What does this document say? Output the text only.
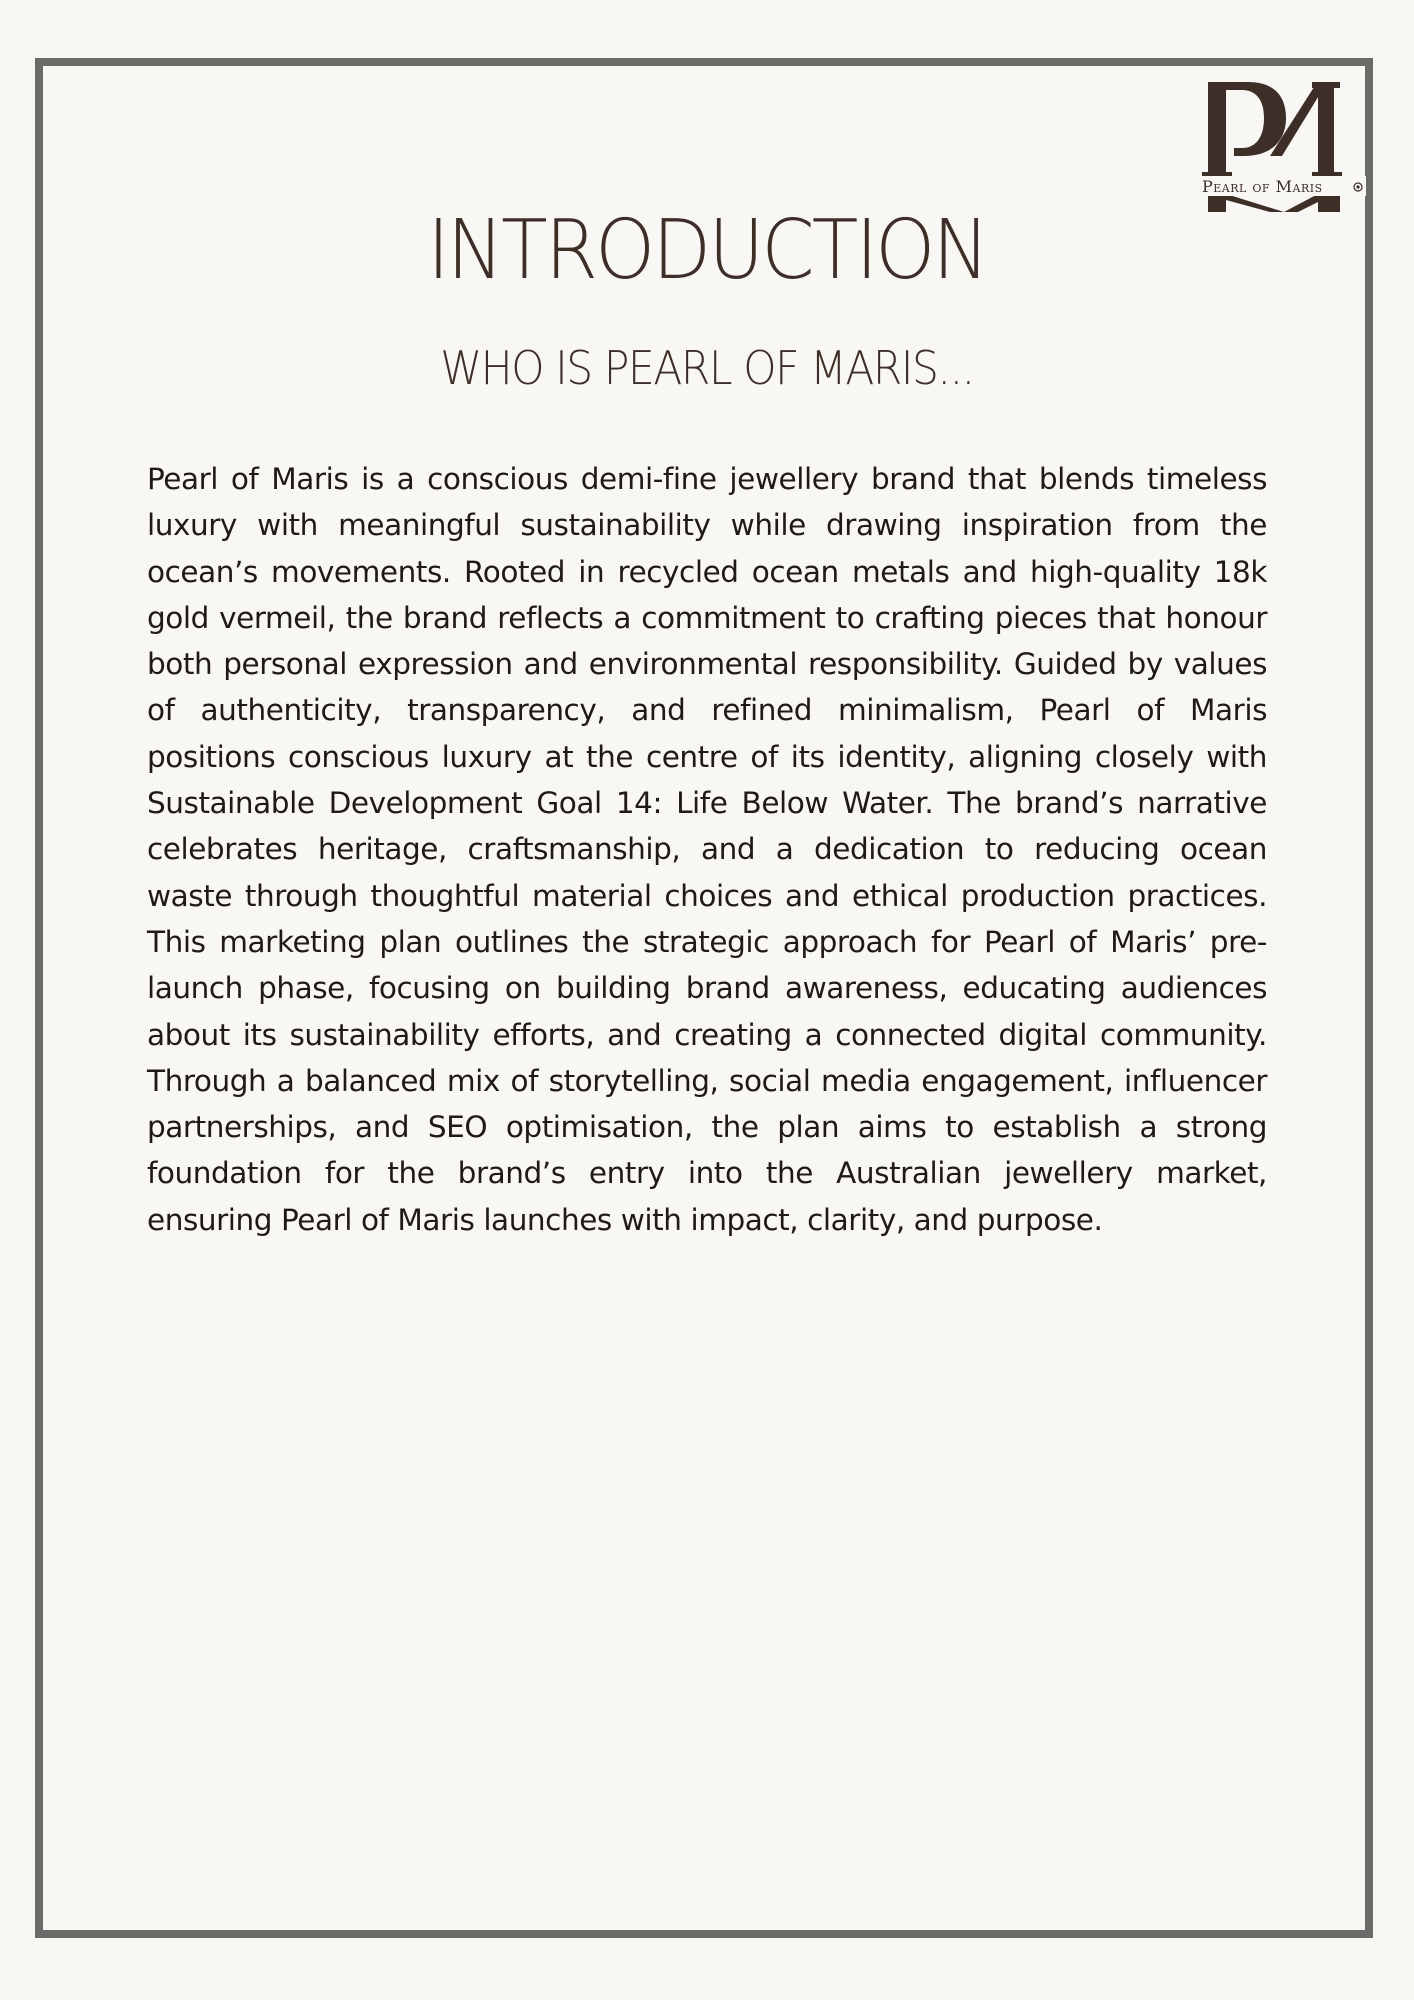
Pearl of Maris
INTRODUCTION
WHO IS PEARL OF MARIS...

Pearl of Maris is a conscious demi-fine jewellery brand that blends timeless luxury with meaningful sustainability while drawing inspiration from the ocean’s movements. Rooted in recycled ocean metals and high-quality 18k gold vermeil, the brand reflects a commitment to crafting pieces that honour both personal expression and environmental responsibility. Guided by values of authenticity, transparency, and refined minimalism, Pearl of Maris positions conscious luxury at the centre of its identity, aligning closely with Sustainable Development Goal 14: Life Below Water. The brand’s narrative celebrates heritage, craftsmanship, and a dedication to reducing ocean waste through thoughtful material choices and ethical production practices. This marketing plan outlines the strategic approach for Pearl of Maris’ pre-launch phase, focusing on building brand awareness, educating audiences about its sustainability efforts, and creating a connected digital community. Through a balanced mix of storytelling, social media engagement, influencer partnerships, and SEO optimisation, the plan aims to establish a strong foundation for the brand’s entry into the Australian jewellery market, ensuring Pearl of Maris launches with impact, clarity, and purpose.
